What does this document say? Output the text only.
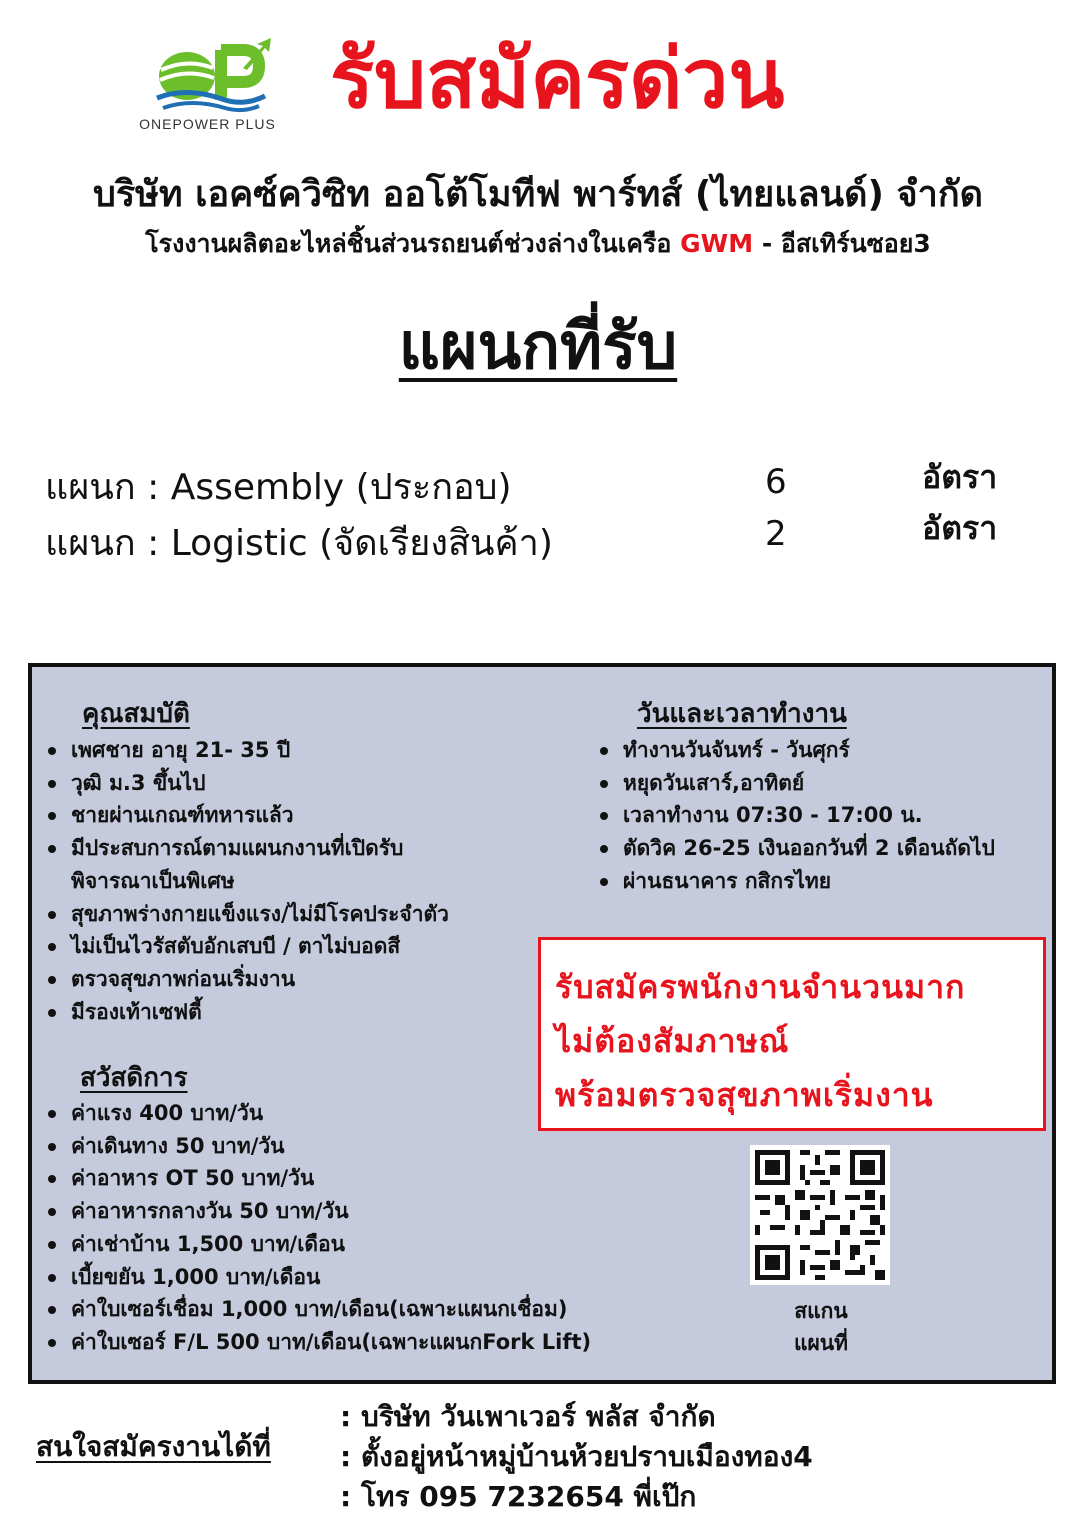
ONEPOWER PLUS รับสมัครด่วน
บริษัท เอคซ์ควิซิท ออโต้โมทีฟ พาร์ทส์ (ไทยแลนด์) จำกัด
โรงงานผลิตอะไหล่ชิ้นส่วนรถยนต์ช่วงล่างในเครือ GWM - อีสเทิร์นซอย3
แผนกที่รับ
แผนก : Assembly (ประกอบ)	6	อัตรา
แผนก : Logistic (จัดเรียงสินค้า)	2	อัตรา
คุณสมบัติ
เพศชาย อายุ 21- 35 ปี
วุฒิ ม.3 ขึ้นไป
ชายผ่านเกณฑ์ทหารแล้ว
มีประสบการณ์ตามแผนกงานที่เปิดรับ
พิจารณาเป็นพิเศษ
สุขภาพร่างกายแข็งแรง/ไม่มีโรคประจำตัว
ไม่เป็นไวรัสตับอักเสบบี / ตาไม่บอดสี
ตรวจสุขภาพก่อนเริ่มงาน
มีรองเท้าเซฟตี้
สวัสดิการ
ค่าแรง 400 บาท/วัน
ค่าเดินทาง 50 บาท/วัน
ค่าอาหาร OT 50 บาท/วัน
ค่าอาหารกลางวัน 50 บาท/วัน
ค่าเช่าบ้าน 1,500 บาท/เดือน
เบี้ยขยัน 1,000 บาท/เดือน
ค่าใบเซอร์เชื่อม 1,000 บาท/เดือน(เฉพาะแผนกเชื่อม)
ค่าใบเซอร์ F/L 500 บาท/เดือน(เฉพาะแผนกFork Lift)
วันและเวลาทำงาน
ทำงานวันจันทร์ - วันศุกร์
หยุดวันเสาร์,อาทิตย์
เวลาทำงาน 07:30 - 17:00 น.
ตัดวิค 26-25 เงินออกวันที่ 2 เดือนถัดไป
ผ่านธนาคาร กสิกรไทย
รับสมัครพนักงานจำนวนมาก
ไม่ต้องสัมภาษณ์
พร้อมตรวจสุขภาพเริ่มงาน
สแกน
แผนที่
สนใจสมัครงานได้ที่
: บริษัท วันเพาเวอร์ พลัส จำกัด
: ตั้งอยู่หน้าหมู่บ้านห้วยปราบเมืองทอง4
: โทร 095 7232654 พี่เป๊ก
